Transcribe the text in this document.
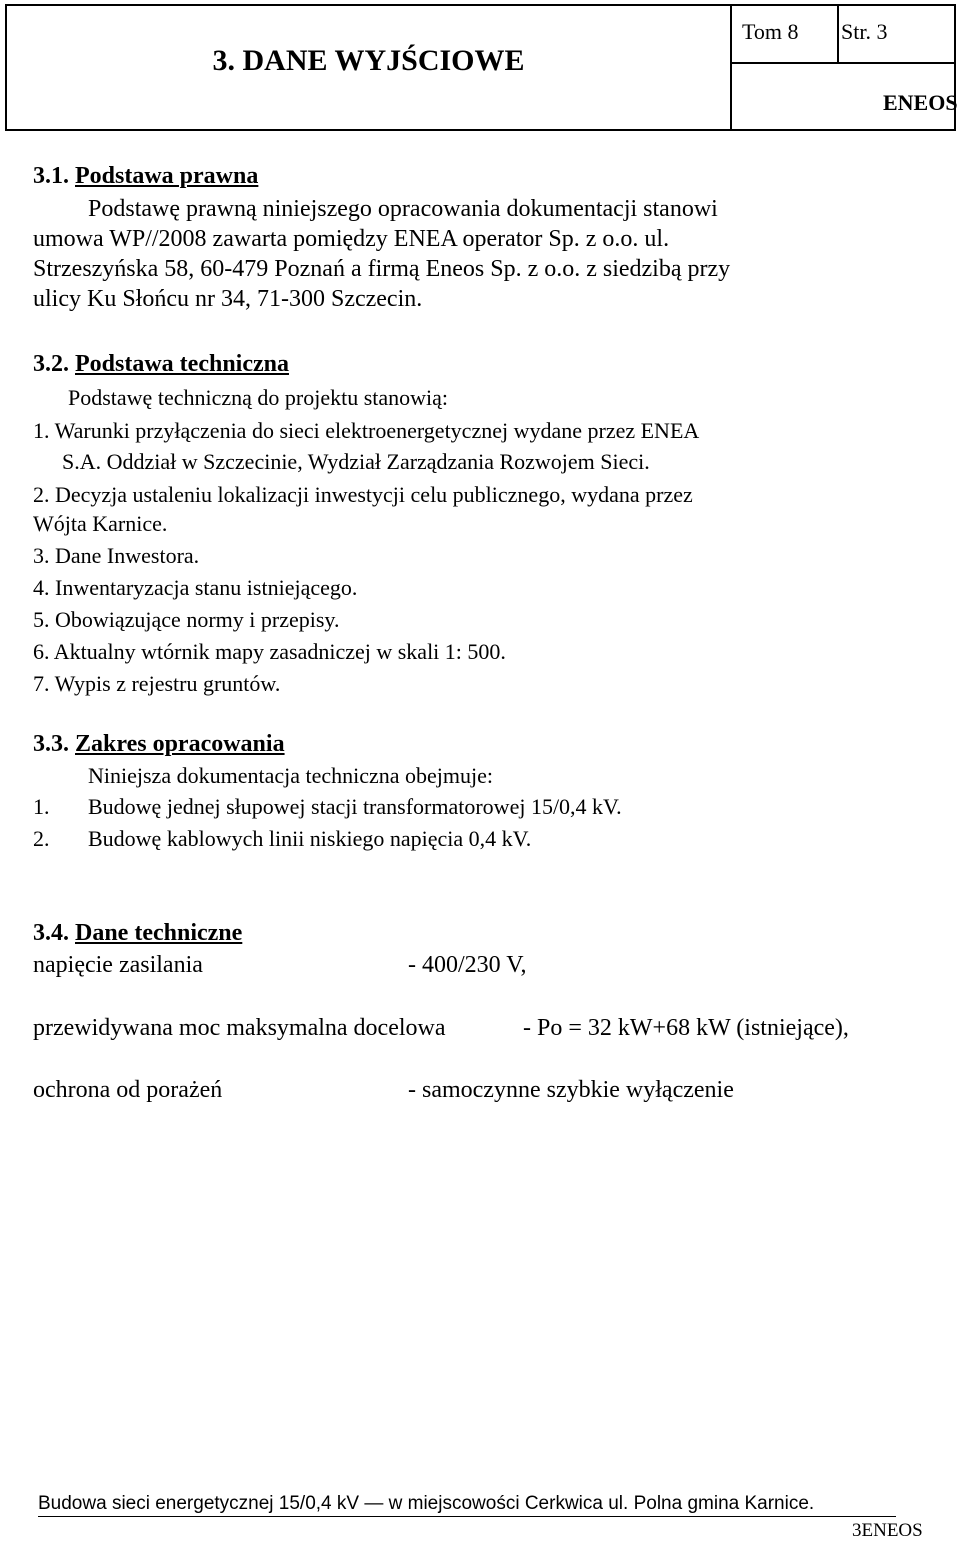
3. DANE WYJŚCIOWE
Tom 8 Str. 3
ENEOS
3.1. Podstawa prawna
Podstawę prawną niniejszego opracowania dokumentacji stanowi
umowa WP//2008 zawarta pomiędzy ENEA operator Sp. z o.o. ul.
Strzeszyńska 58, 60-479 Poznań a firmą Eneos Sp. z o.o. z siedzibą przy
ulicy Ku Słońcu nr 34, 71-300 Szczecin.
3.2. Podstawa techniczna
Podstawę techniczną do projektu stanowią:
1. Warunki przyłączenia do sieci elektroenergetycznej wydane przez ENEA
S.A. Oddział w Szczecinie, Wydział Zarządzania Rozwojem Sieci.
2. Decyzja ustaleniu lokalizacji inwestycji celu publicznego, wydana przez
Wójta Karnice.
3. Dane Inwestora.
4. Inwentaryzacja stanu istniejącego.
5. Obowiązujące normy i przepisy.
6. Aktualny wtórnik mapy zasadniczej w skali 1: 500.
7. Wypis z rejestru gruntów.
3.3. Zakres opracowania
Niniejsza dokumentacja techniczna obejmuje:
1. Budowę jednej słupowej stacji transformatorowej 15/0,4 kV.
2. Budowę kablowych linii niskiego napięcia 0,4 kV.
3.4. Dane techniczne
napięcie zasilania	- 400/230 V,
przewidywana moc maksymalna docelowa	- Po = 32 kW+68 kW (istniejące),
ochrona od porażeń	- samoczynne szybkie wyłączenie
Budowa sieci energetycznej 15/0,4 kV — w miejscowości Cerkwica ul. Polna gmina Karnice.
3ENEOS
